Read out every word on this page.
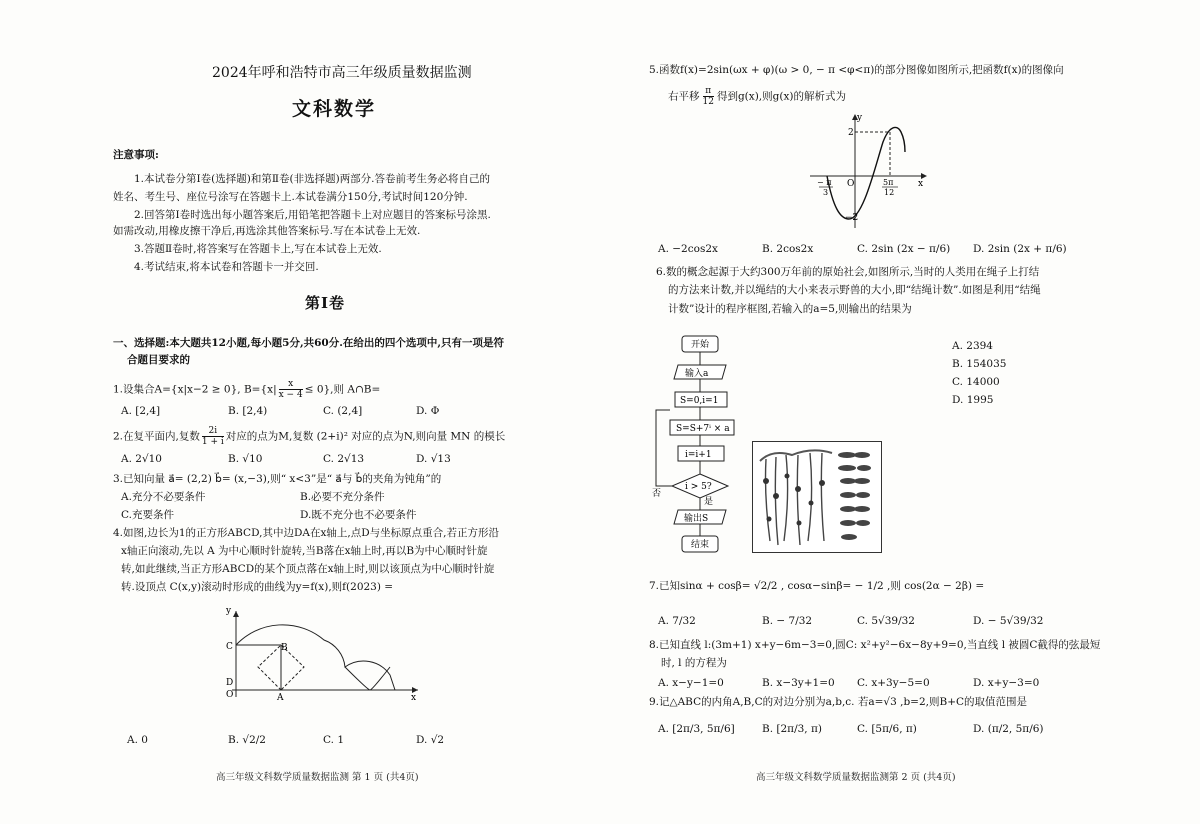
2024年呼和浩特市高三年级质量数据监测
文科数学
注意事项:
1.本试卷分第Ⅰ卷(选择题)和第Ⅱ卷(非选择题)两部分.答卷前考生务必将自己的
姓名、考生号、座位号涂写在答题卡上.本试卷满分150分,考试时间120分钟.
2.回答第Ⅰ卷时选出每小题答案后,用铅笔把答题卡上对应题目的答案标号涂黑.
如需改动,用橡皮擦干净后,再选涂其他答案标号.写在本试卷上无效.
3.答题Ⅱ卷时,将答案写在答题卡上,写在本试卷上无效.
4.考试结束,将本试卷和答题卡一并交回.
第Ⅰ卷
一、选择题:本大题共12小题,每小题5分,共60分.在给出的四个选项中,只有一项是符
合题目要求的
1.设集合A={x|x−2 ≥ 0}, $B=\{x| \frac{x}{x - 4} \le 0\}$,则 A∩B=
A. [2,4]	B. [2,4)	C. (2,4]	D. Φ
2.在复平面内,复数 $\frac{2i}{1 + i}$ 对应的点为M,复数 (2+i)² 对应的点为N,则向量 MN 的模长
A. 2√10	B. √10	C. 2√13	D. √13
3.已知向量 a⃗= (2,2) b⃗= (x,−3),则“ x<3”是“ a⃗与 b⃗的夹角为钝角”的
A.充分不必要条件	B.必要不充分条件
C.充要条件	D.既不充分也不必要条件
4.如图,边长为1的正方形ABCD,其中边DA在x轴上,点D与坐标原点重合,若正方形沿
x轴正向滚动,先以 A 为中心顺时针旋转,当B落在x轴上时,再以B为中心顺时针旋
转,如此继续,当正方形ABCD的某个顶点落在x轴上时,则以该顶点为中心顺时针旋
转.设顶点 C(x,y)滚动时形成的曲线为y=f(x),则f(2023) =
y
x
C	B
D
O	A
A. 0	B. √2/2	C. 1	D. √2
高三年级文科数学质量数据监测 第 1 页 (共4页)
5.函数f(x)=2sin(ωx + φ)(ω > 0, − π <φ<π)的部分图像如图所示,把函数f(x)的图像向
右平移 $\frac{\pi}{12}$ 得到g(x),则g(x)的解析式为
y
2
−2
O	x
− π
3
5π
12
A. −2cos2x	B. 2cos2x	C. 2sin (2x − π/6) D. 2sin (2x + π/6)
6.数的概念起源于大约300万年前的原始社会,如图所示,当时的人类用在绳子上打结
的方法来计数,并以绳结的大小来表示野兽的大小,即“结绳计数”.如图是利用“结绳
计数”设计的程序框图,若输入的a=5,则输出的结果为
开始
输入a
S=0,i=1
S=S+7ⁱ × a
i=i+1
i > 5?
否
是
输出S
结束
A. 2394
B. 154035
C. 14000
D. 1995
7.已知sinα + cosβ= √2/2 , cosα−sinβ= − 1/2 ,则 cos(2α − 2β) =
A. 7/32	B. − 7/32	C. 5√39/32	D. − 5√39/32
8.已知直线 l:(3m+1) x+y−6m−3=0,圆C: x²+y²−6x−8y+9=0,当直线 l 被圆C截得的弦最短
时, l 的方程为
A. x−y−1=0	B. x−3y+1=0 C. x+3y−5=0	D. x+y−3=0
9.记△ABC的内角A,B,C的对边分别为a,b,c. 若a=√3 ,b=2,则B+C的取值范围是
A. [2π/3, 5π/6]	B. [2π/3, π)	C. [5π/6, π)	D. (π/2, 5π/6)
高三年级文科数学质量数据监测第 2 页 (共4页)
